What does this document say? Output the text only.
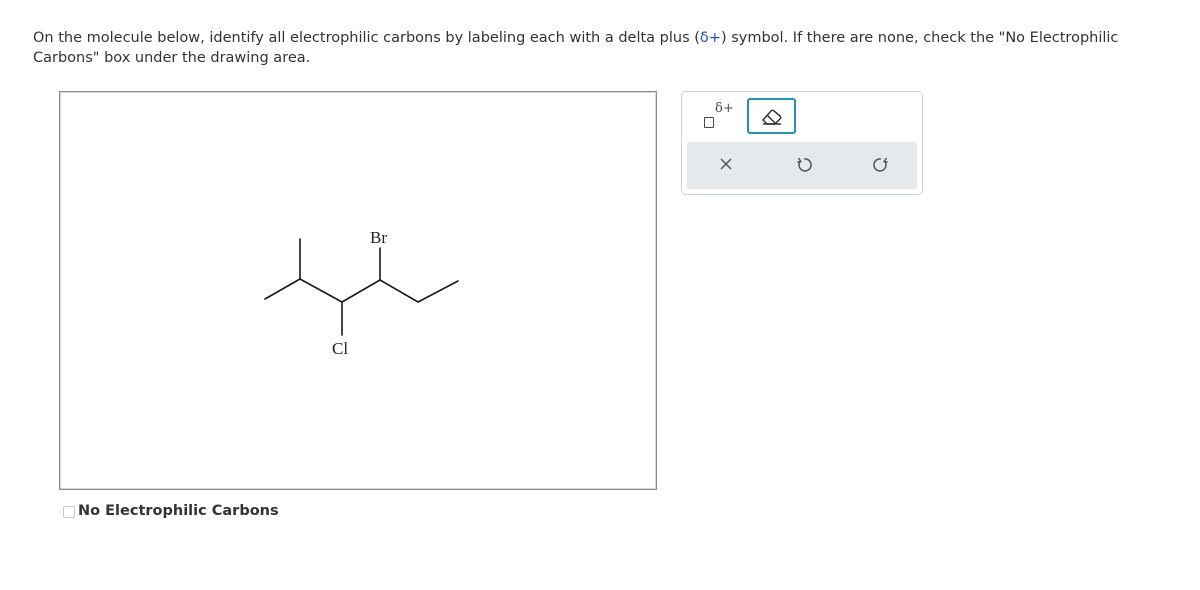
On the molecule below, identify all electrophilic carbons by labeling each with a delta plus (δ+) symbol. If there are none, check the "No Electrophilic Carbons" box under the drawing area.
Br
Cl
δ+
No Electrophilic Carbons
